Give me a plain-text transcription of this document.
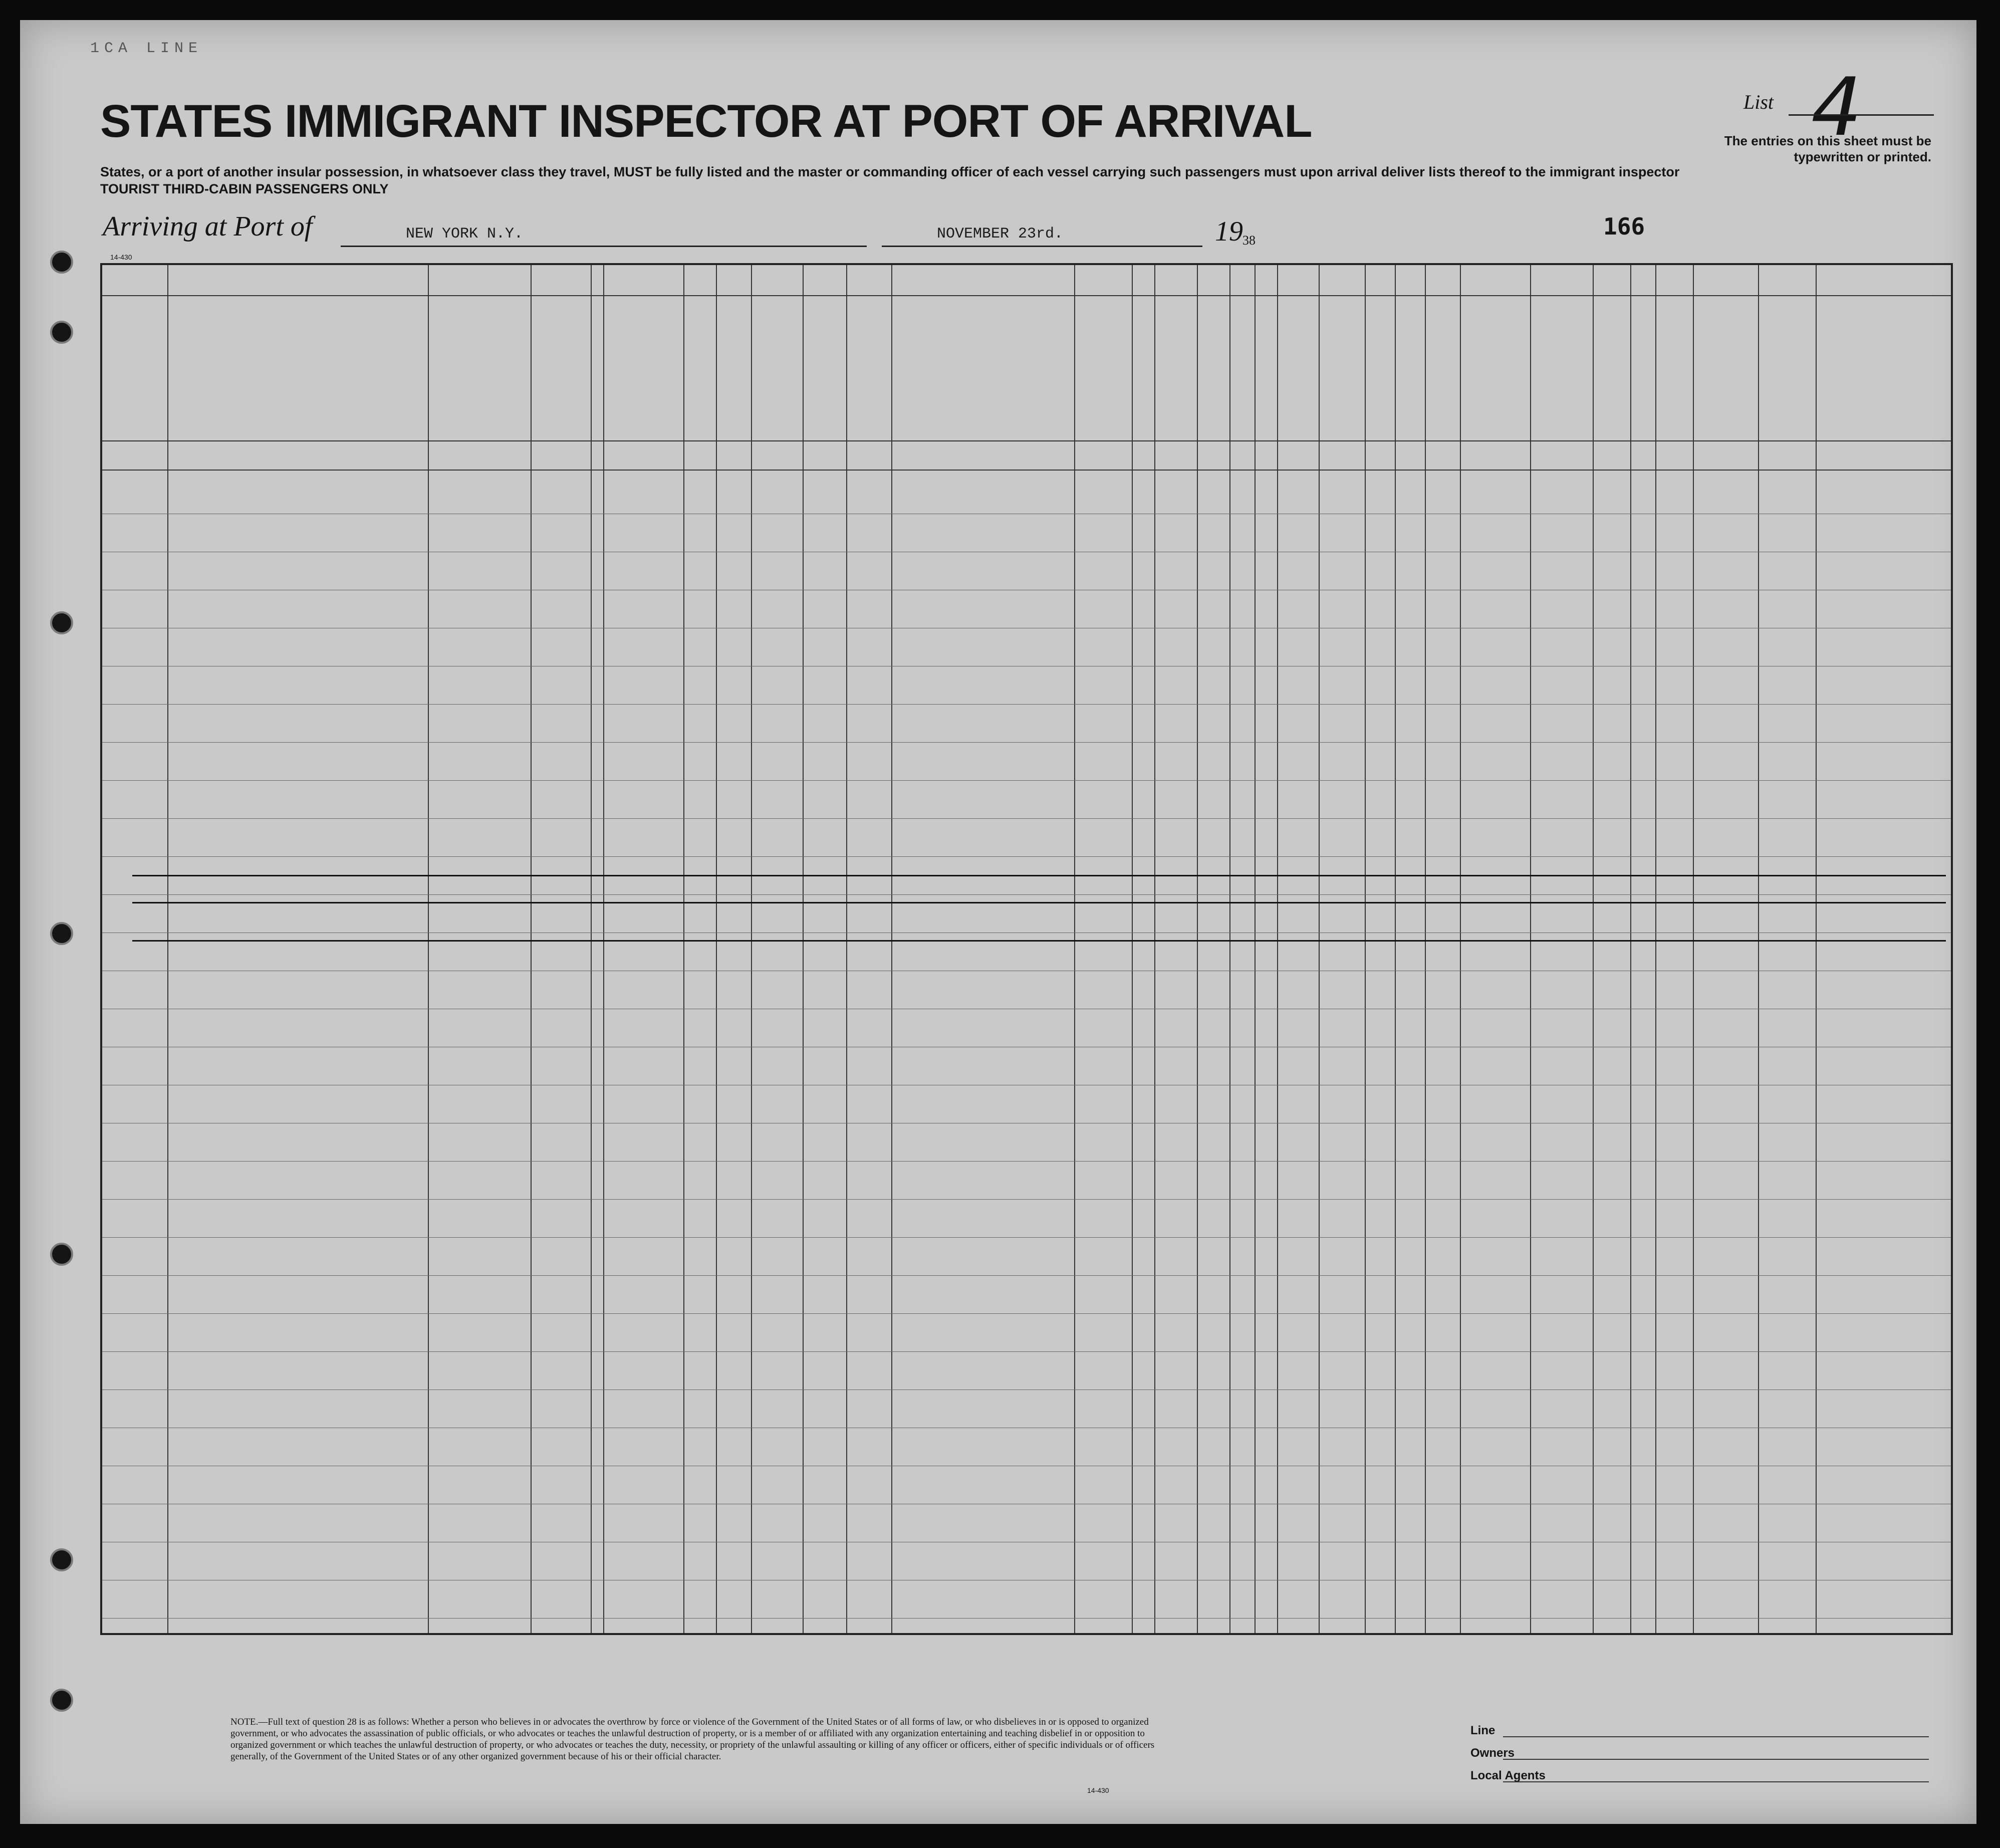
1CA LINE
STATES IMMIGRANT INSPECTOR AT PORT OF ARRIVAL
States, or a port of another insular possession, in whatsoever class they travel, MUST be fully listed and the master or commanding officer of each vessel carrying such passengers must upon arrival deliver lists thereof to the immigrant inspector
TOURIST THIRD-CABIN PASSENGERS ONLY
List 4
The entries on this sheet must be typewritten or printed.
Arriving at Port of	NEW YORK N.Y.	NOVEMBER 23rd.	19 38
166
14-430
NOTE.—Full text of question 28 is as follows: Whether a person who believes in or advocates the overthrow by force or violence of the Government of the United States or of all forms of law, or who disbelieves in or is opposed to organized government, or who advocates the assassination of public officials, or who advocates or teaches the unlawful destruction of property, or is a member of or affiliated with any organization entertaining and teaching disbelief in or opposition to organized government or which teaches the unlawful destruction of property, or who advocates or teaches the duty, necessity, or propriety of the unlawful assaulting or killing of any officer or officers, either of specific individuals or of officers generally, of the Government of the United States or of any other organized government because of his or their official character.
Line
Owners
Local Agents
14-430
